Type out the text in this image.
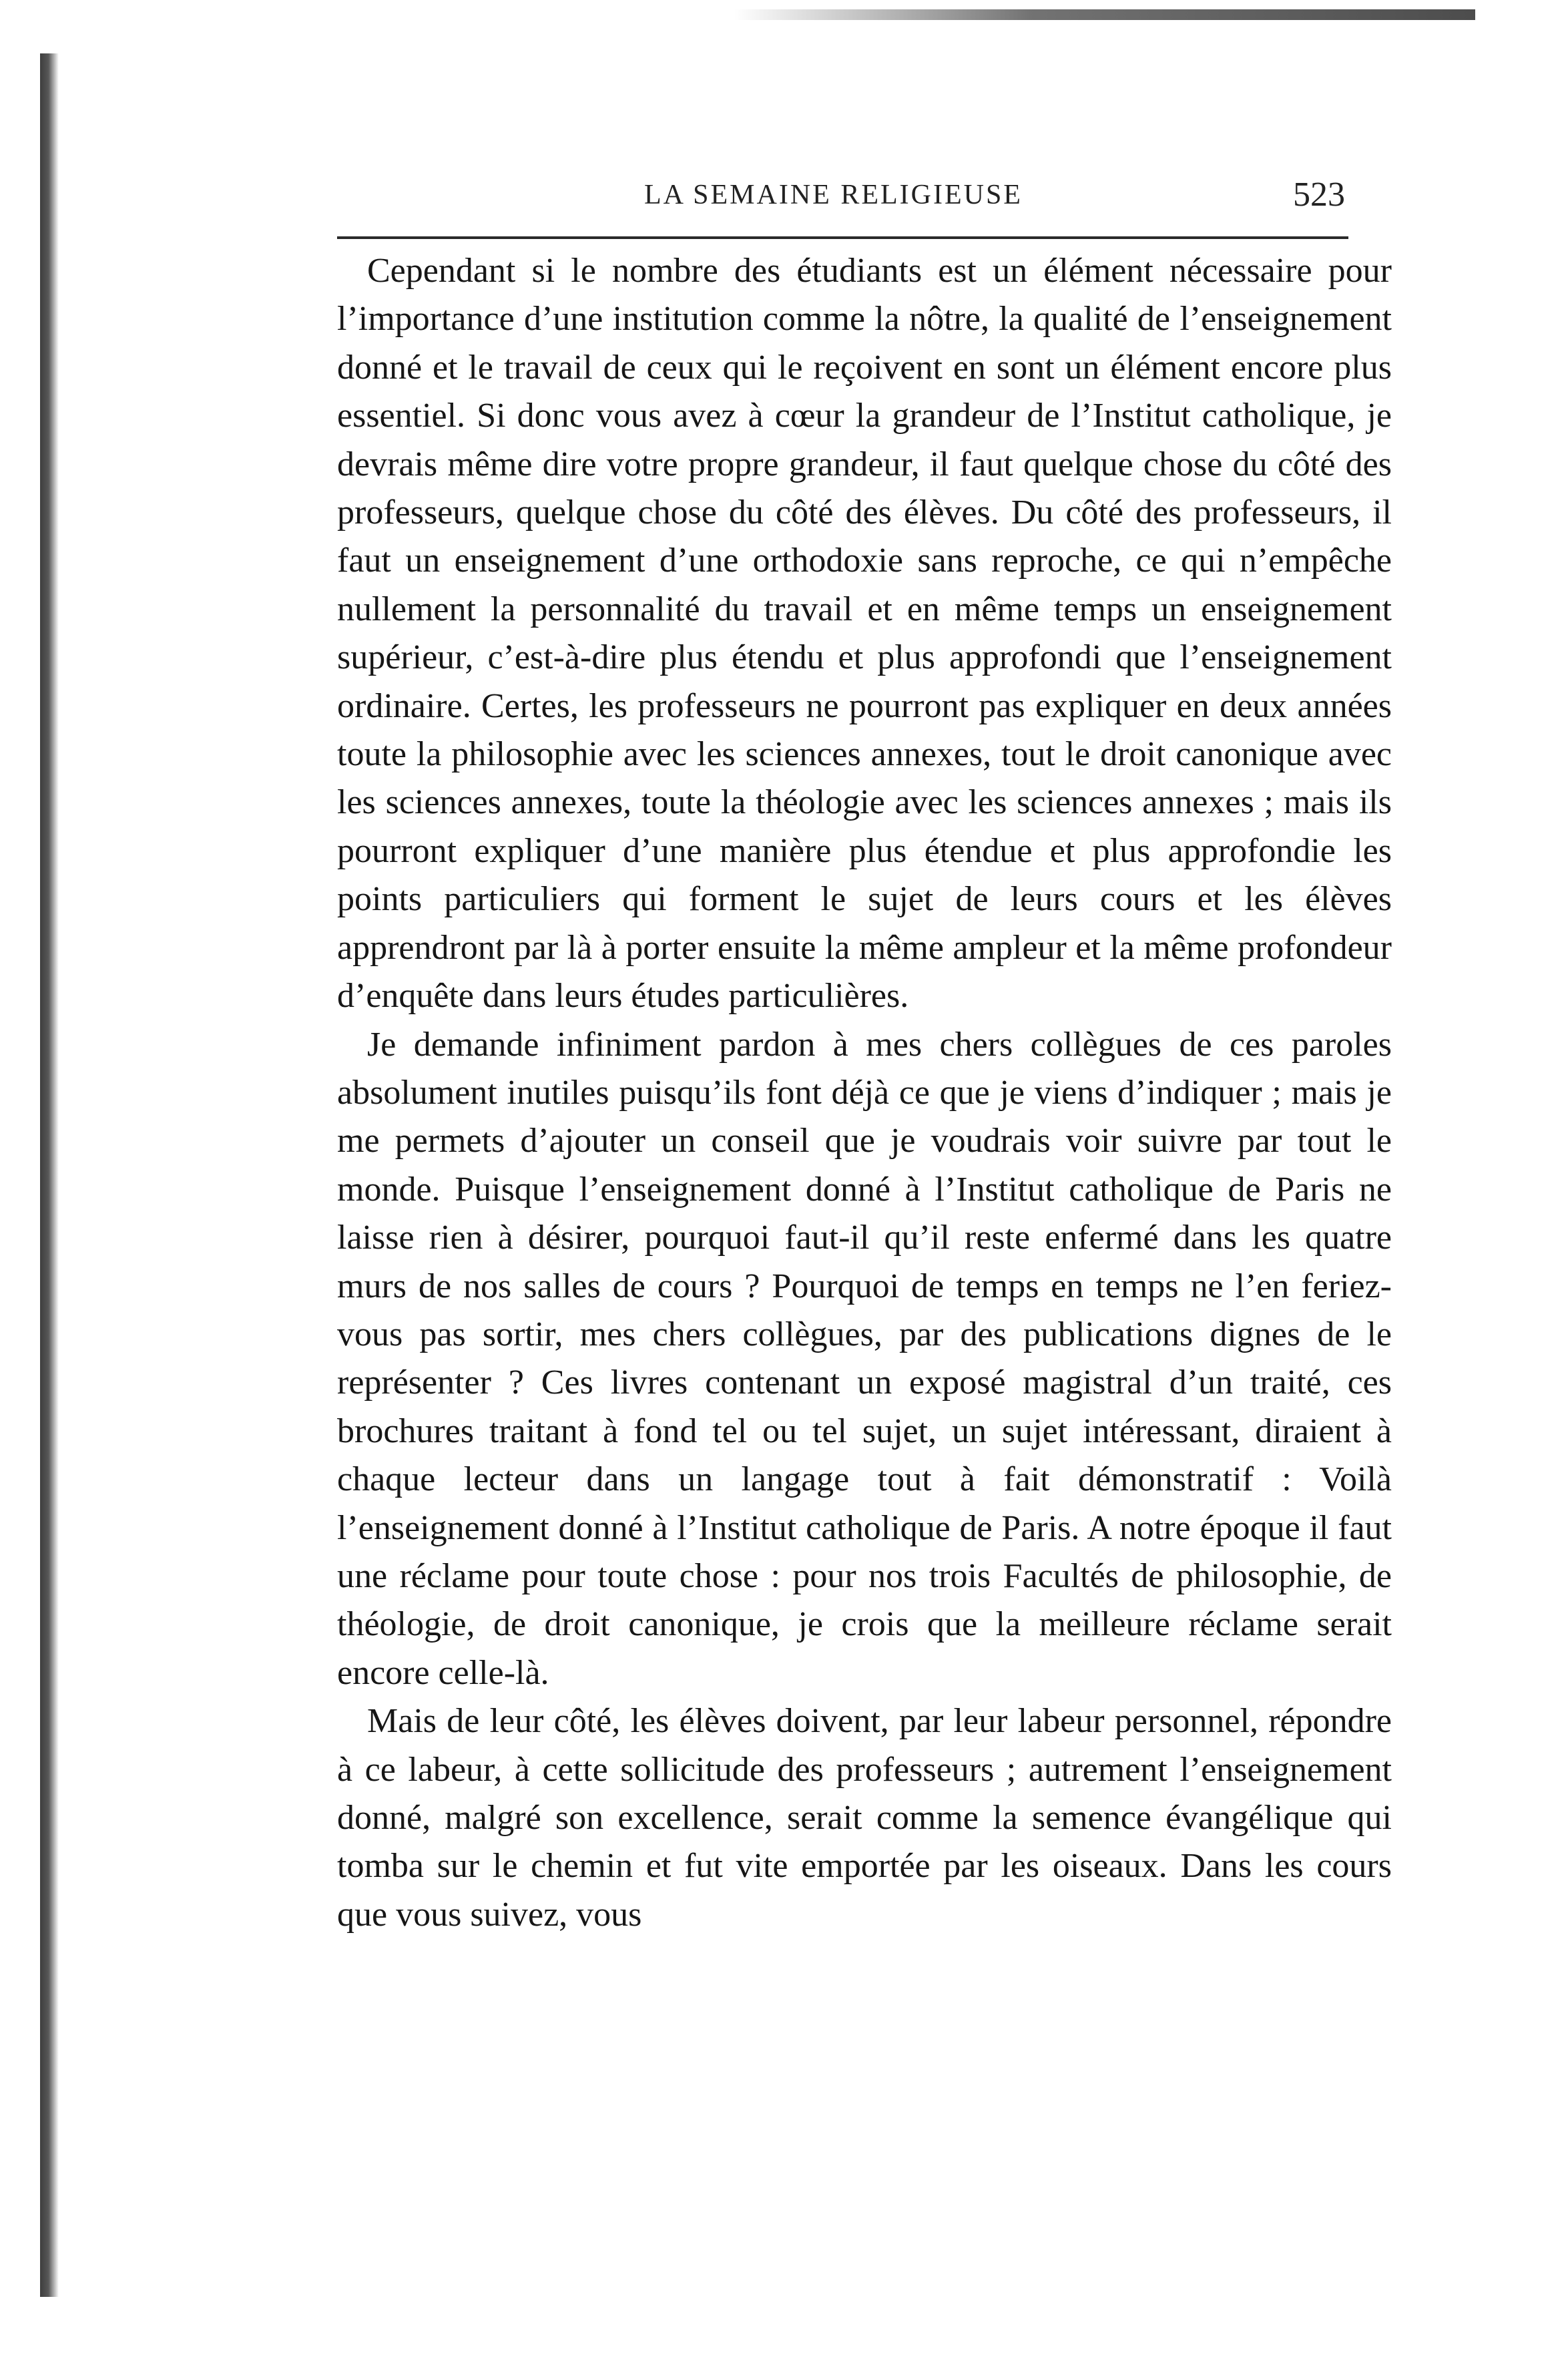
LA SEMAINE RELIGIEUSE	523

Cependant si le nombre des étudiants est un élément nécessaire pour l’importance d’une institution comme la nôtre, la qualité de l’enseignement donné et le travail de ceux qui le reçoivent en sont un élément encore plus essentiel. Si donc vous avez à cœur la grandeur de l’Institut catholique, je devrais même dire votre propre grandeur, il faut quelque chose du côté des professeurs, quelque chose du côté des élèves. Du côté des professeurs, il faut un enseignement d’une orthodoxie sans reproche, ce qui n’empêche nullement la personnalité du travail et en même temps un enseignement supérieur, c’est-à-dire plus étendu et plus approfondi que l’enseignement ordinaire. Certes, les professeurs ne pourront pas expliquer en deux années toute la philosophie avec les sciences annexes, tout le droit canonique avec les sciences annexes, toute la théologie avec les sciences annexes ; mais ils pourront expliquer d’une manière plus étendue et plus approfondie les points particuliers qui forment le sujet de leurs cours et les élèves apprendront par là à porter ensuite la même ampleur et la même profondeur d’enquête dans leurs études particulières.

Je demande infiniment pardon à mes chers collègues de ces paroles absolument inutiles puisqu’ils font déjà ce que je viens d’indiquer ; mais je me permets d’ajouter un conseil que je voudrais voir suivre par tout le monde. Puisque l’enseignement donné à l’Institut catholique de Paris ne laisse rien à désirer, pourquoi faut-il qu’il reste enfermé dans les quatre murs de nos salles de cours ? Pourquoi de temps en temps ne l’en feriez-vous pas sortir, mes chers collègues, par des publications dignes de le représenter ? Ces livres contenant un exposé magistral d’un traité, ces brochures traitant à fond tel ou tel sujet, un sujet intéressant, diraient à chaque lecteur dans un langage tout à fait démonstratif : Voilà l’enseignement donné à l’Institut catholique de Paris. A notre époque il faut une réclame pour toute chose : pour nos trois Facultés de philosophie, de théologie, de droit canonique, je crois que la meilleure réclame serait encore celle-là.

Mais de leur côté, les élèves doivent, par leur labeur personnel, répondre à ce labeur, à cette sollicitude des professeurs ; autrement l’enseignement donné, malgré son excellence, serait comme la semence évangélique qui tomba sur le chemin et fut vite emportée par les oiseaux. Dans les cours que vous suivez, vous
